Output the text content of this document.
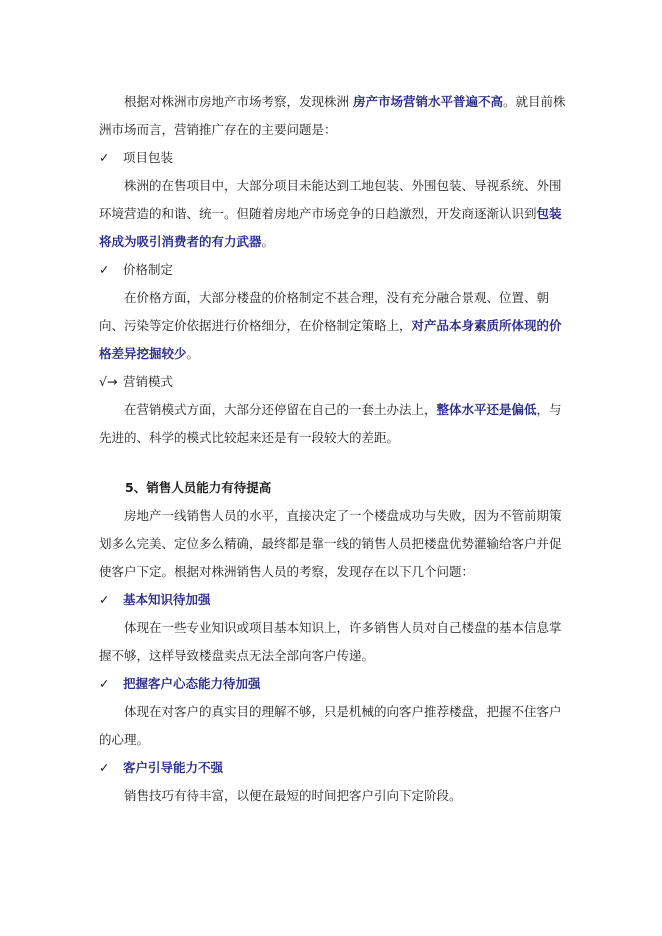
根据对株洲市房地产市场考察，发现株洲 房产市场营销水平普遍不高。就目前株洲市场而言，营销推广存在的主要问题是：

✓	项目包装

株洲的在售项目中，大部分项目未能达到工地包装、外围包装、导视系统、外围环境营造的和谐、统一。但随着房地产市场竞争的日趋激烈，开发商逐渐认识到包装将成为吸引消费者的有力武器。

✓	价格制定

在价格方面，大部分楼盘的价格制定不甚合理，没有充分融合景观、位置、朝向、污染等定价依据进行价格细分，在价格制定策略上，对产品本身素质所体现的价格差异挖掘较少。

√→ 营销模式

在营销模式方面，大部分还停留在自己的一套土办法上，整体水平还是偏低，与先进的、科学的模式比较起来还是有一段较大的差距。

5、销售人员能力有待提高

房地产一线销售人员的水平，直接决定了一个楼盘成功与失败，因为不管前期策划多么完美、定位多么精确，最终都是靠一线的销售人员把楼盘优势灌输给客户并促使客户下定。根据对株洲销售人员的考察，发现存在以下几个问题：

✓	基本知识待加强

体现在一些专业知识或项目基本知识上，许多销售人员对自己楼盘的基本信息掌握不够，这样导致楼盘卖点无法全部向客户传递。

✓	把握客户心态能力待加强

体现在对客户的真实目的理解不够，只是机械的向客户推荐楼盘，把握不住客户的心理。

✓	客户引导能力不强

销售技巧有待丰富，以便在最短的时间把客户引向下定阶段。
